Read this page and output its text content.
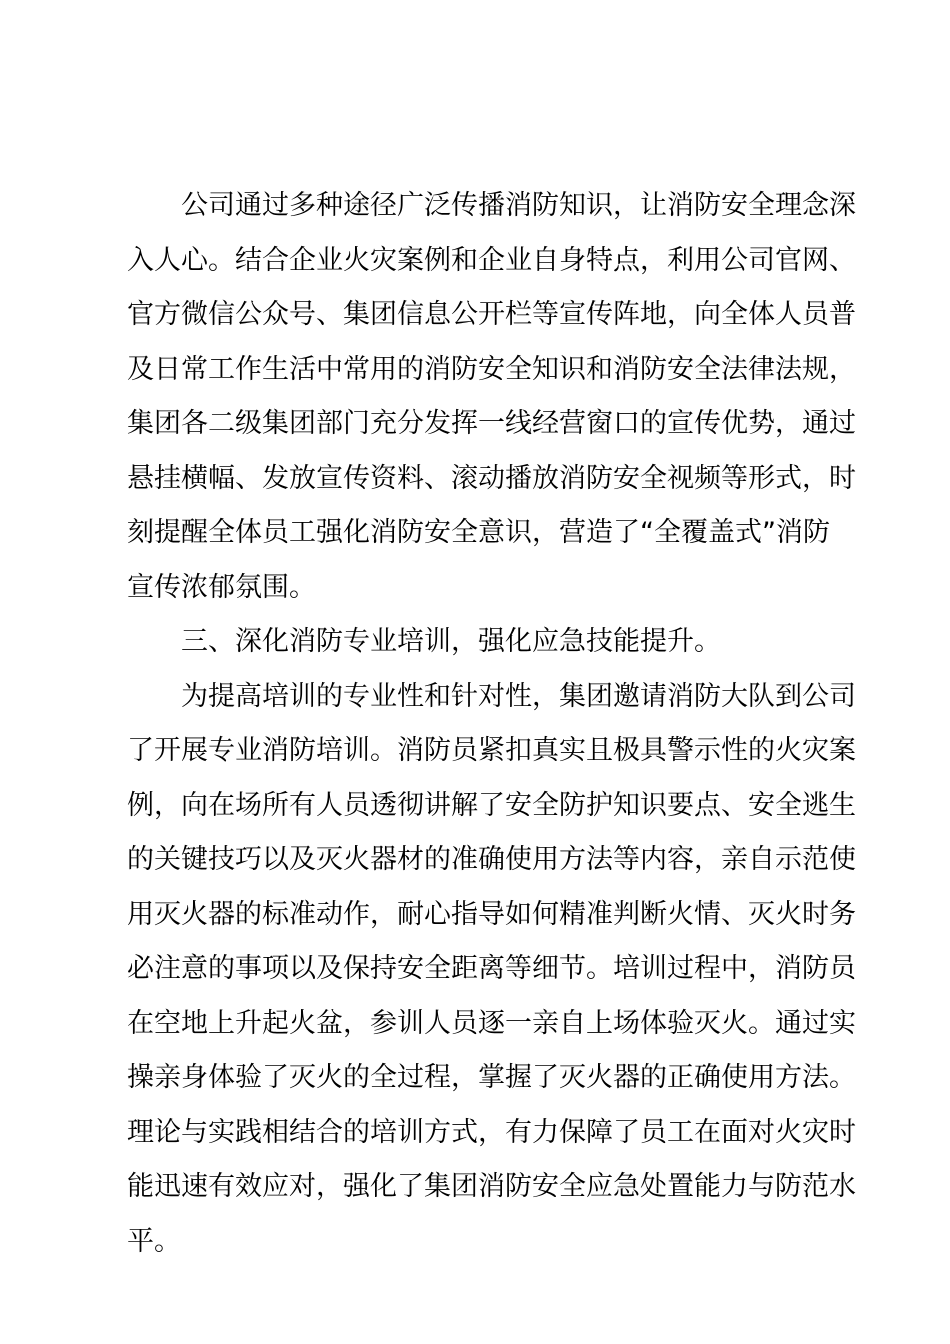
公司通过多种途径广泛传播消防知识，让消防安全理念深
入人心。结合企业火灾案例和企业自身特点，利用公司官网、
官方微信公众号、集团信息公开栏等宣传阵地，向全体人员普
及日常工作生活中常用的消防安全知识和消防安全法律法规，
集团各二级集团部门充分发挥一线经营窗口的宣传优势，通过
悬挂横幅、发放宣传资料、滚动播放消防安全视频等形式，时
刻提醒全体员工强化消防安全意识，营造了“全覆盖式”消防
宣传浓郁氛围。

三、深化消防专业培训，强化应急技能提升。

为提高培训的专业性和针对性，集团邀请消防大队到公司
了开展专业消防培训。消防员紧扣真实且极具警示性的火灾案
例，向在场所有人员透彻讲解了安全防护知识要点、安全逃生
的关键技巧以及灭火器材的准确使用方法等内容，亲自示范使
用灭火器的标准动作，耐心指导如何精准判断火情、灭火时务
必注意的事项以及保持安全距离等细节。培训过程中，消防员
在空地上升起火盆，参训人员逐一亲自上场体验灭火。通过实
操亲身体验了灭火的全过程，掌握了灭火器的正确使用方法。
理论与实践相结合的培训方式，有力保障了员工在面对火灾时
能迅速有效应对，强化了集团消防安全应急处置能力与防范水
平。
